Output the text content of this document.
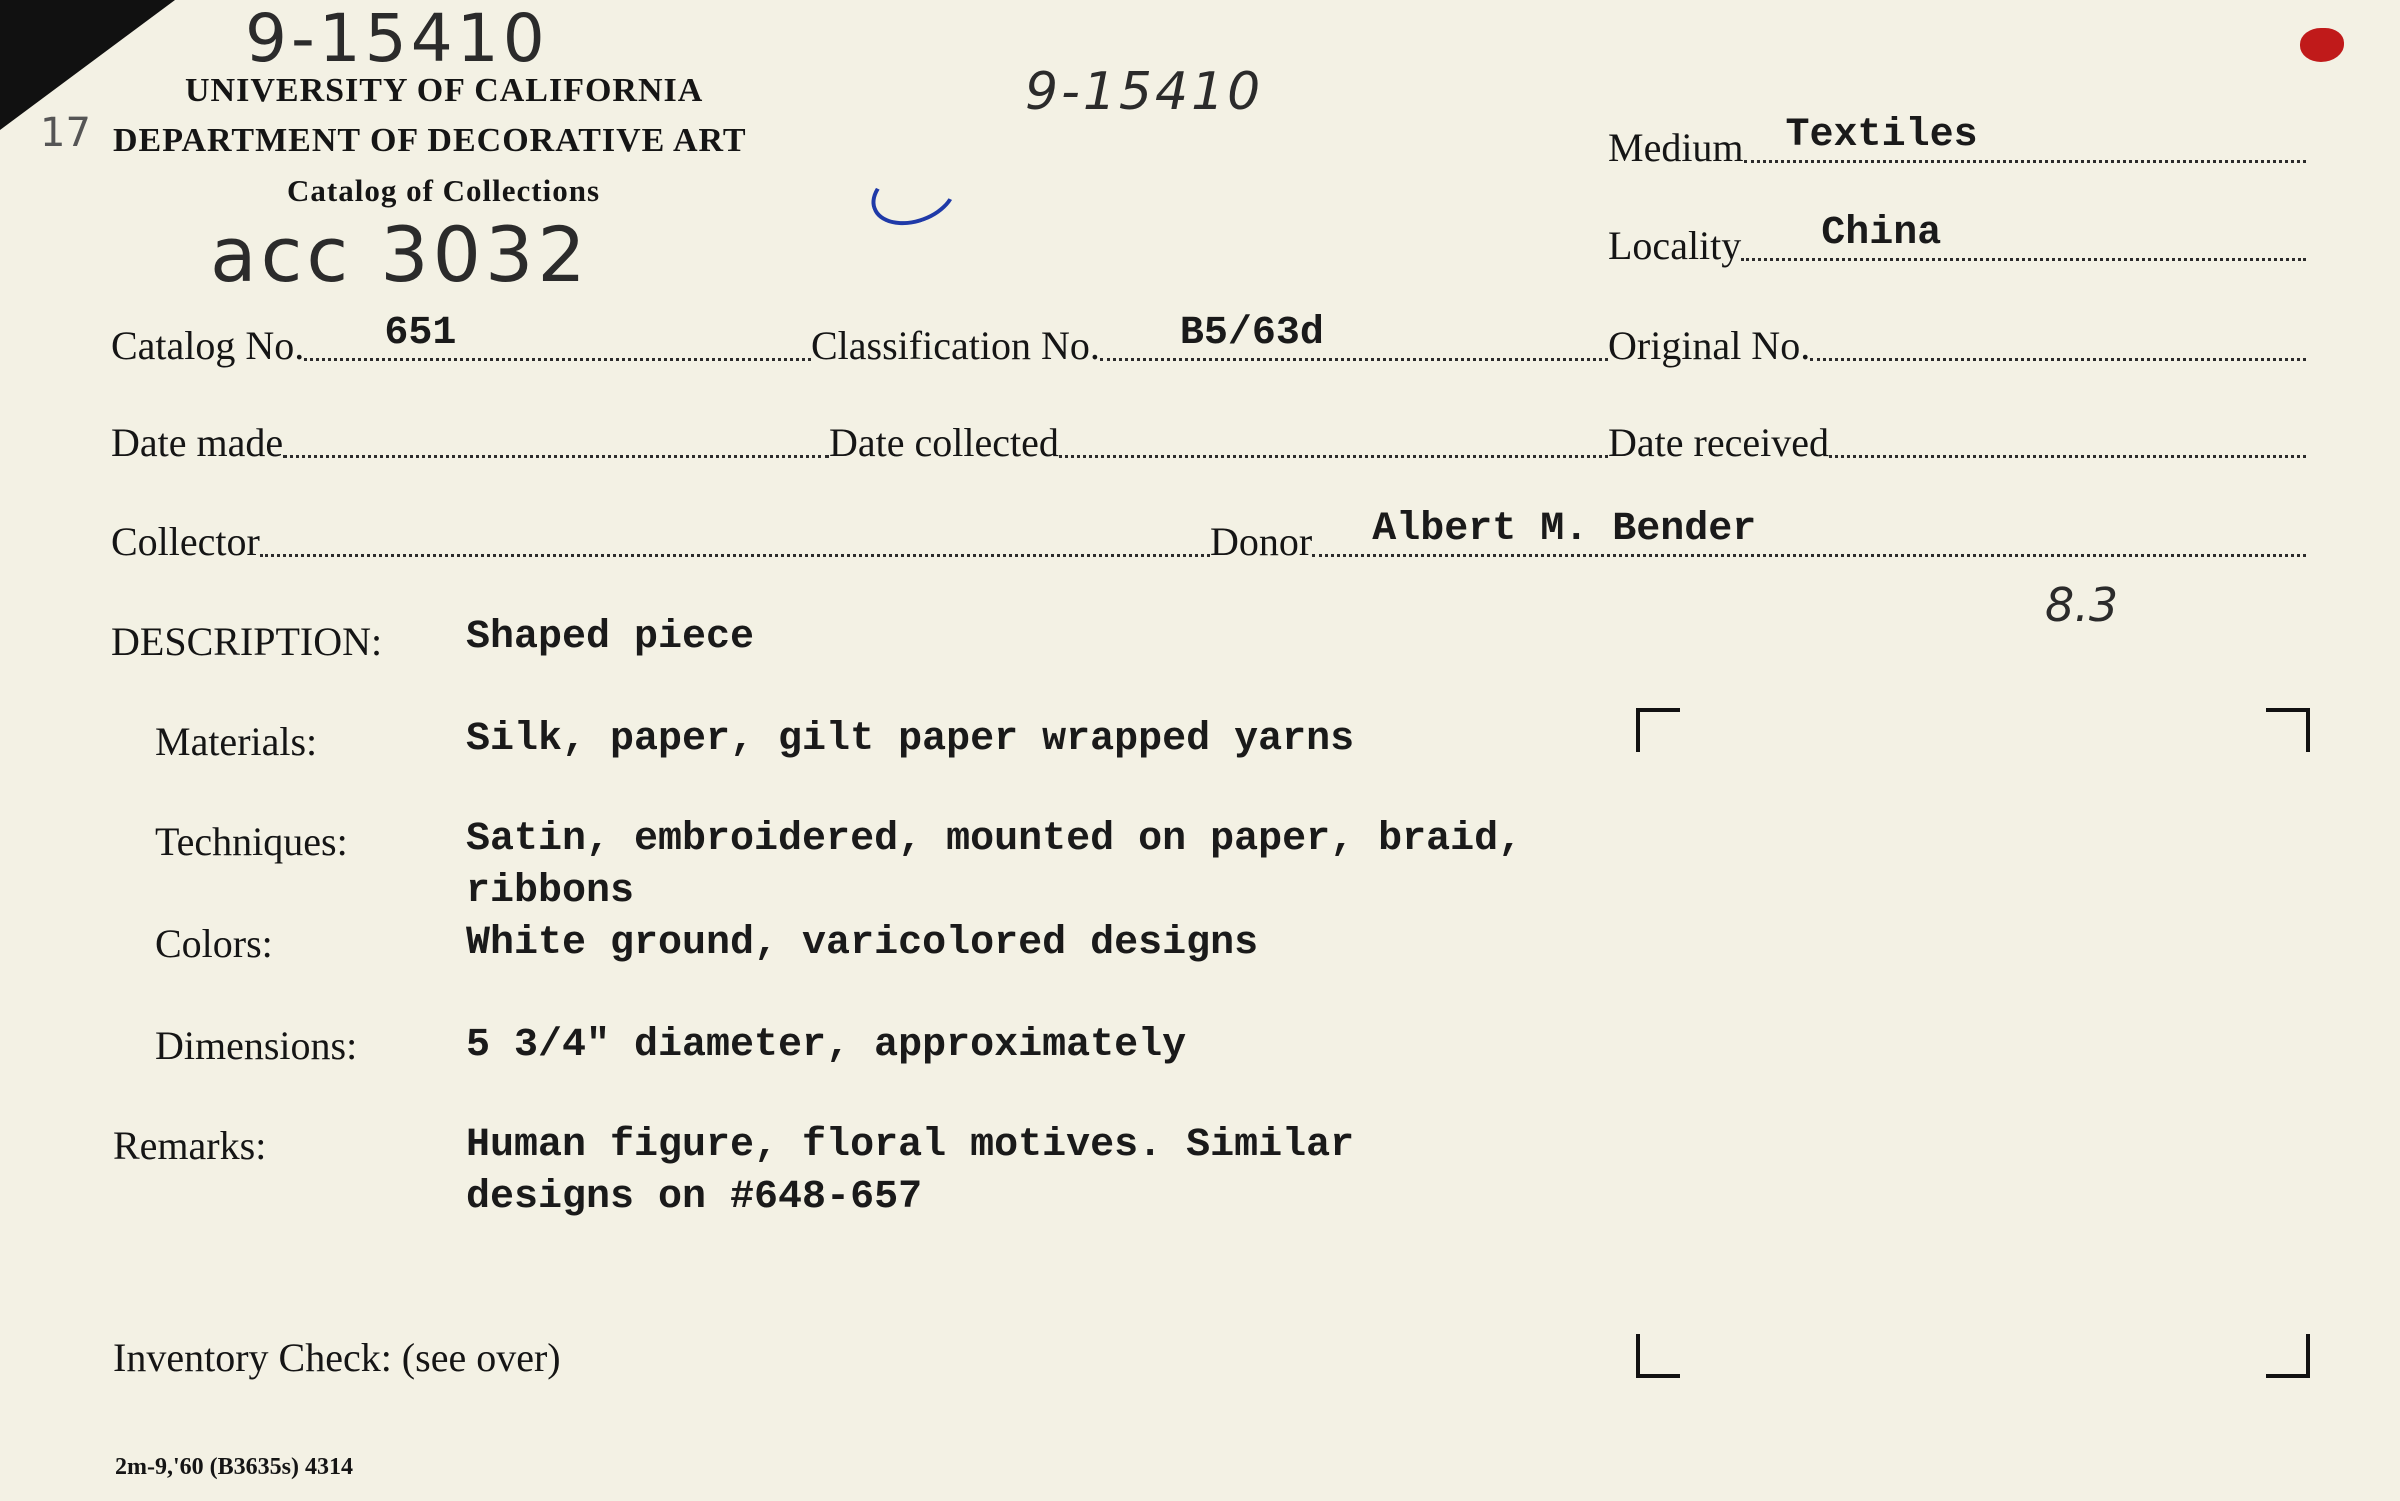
9-15410
9-15410
acc 3032
17
8.3
UNIVERSITY OF CALIFORNIA
DEPARTMENT OF DECORATIVE ART
Catalog of Collections
Medium Textiles
Locality China
Catalog No. 651	Classification No. B5/63d	Original No.
Date made	Date collected	Date received
Collector	Donor Albert M. Bender
DESCRIPTION: Shaped piece
Materials:	Silk, paper, gilt paper wrapped yarns
Techniques:	Satin, embroidered, mounted on paper, braid,
ribbons
Colors:	White ground, varicolored designs
Dimensions:	5 3/4" diameter, approximately
Remarks:	Human figure, floral motives. Similar
designs on #648-657
Inventory Check: (see over)
2m-9,'60 (B3635s) 4314
